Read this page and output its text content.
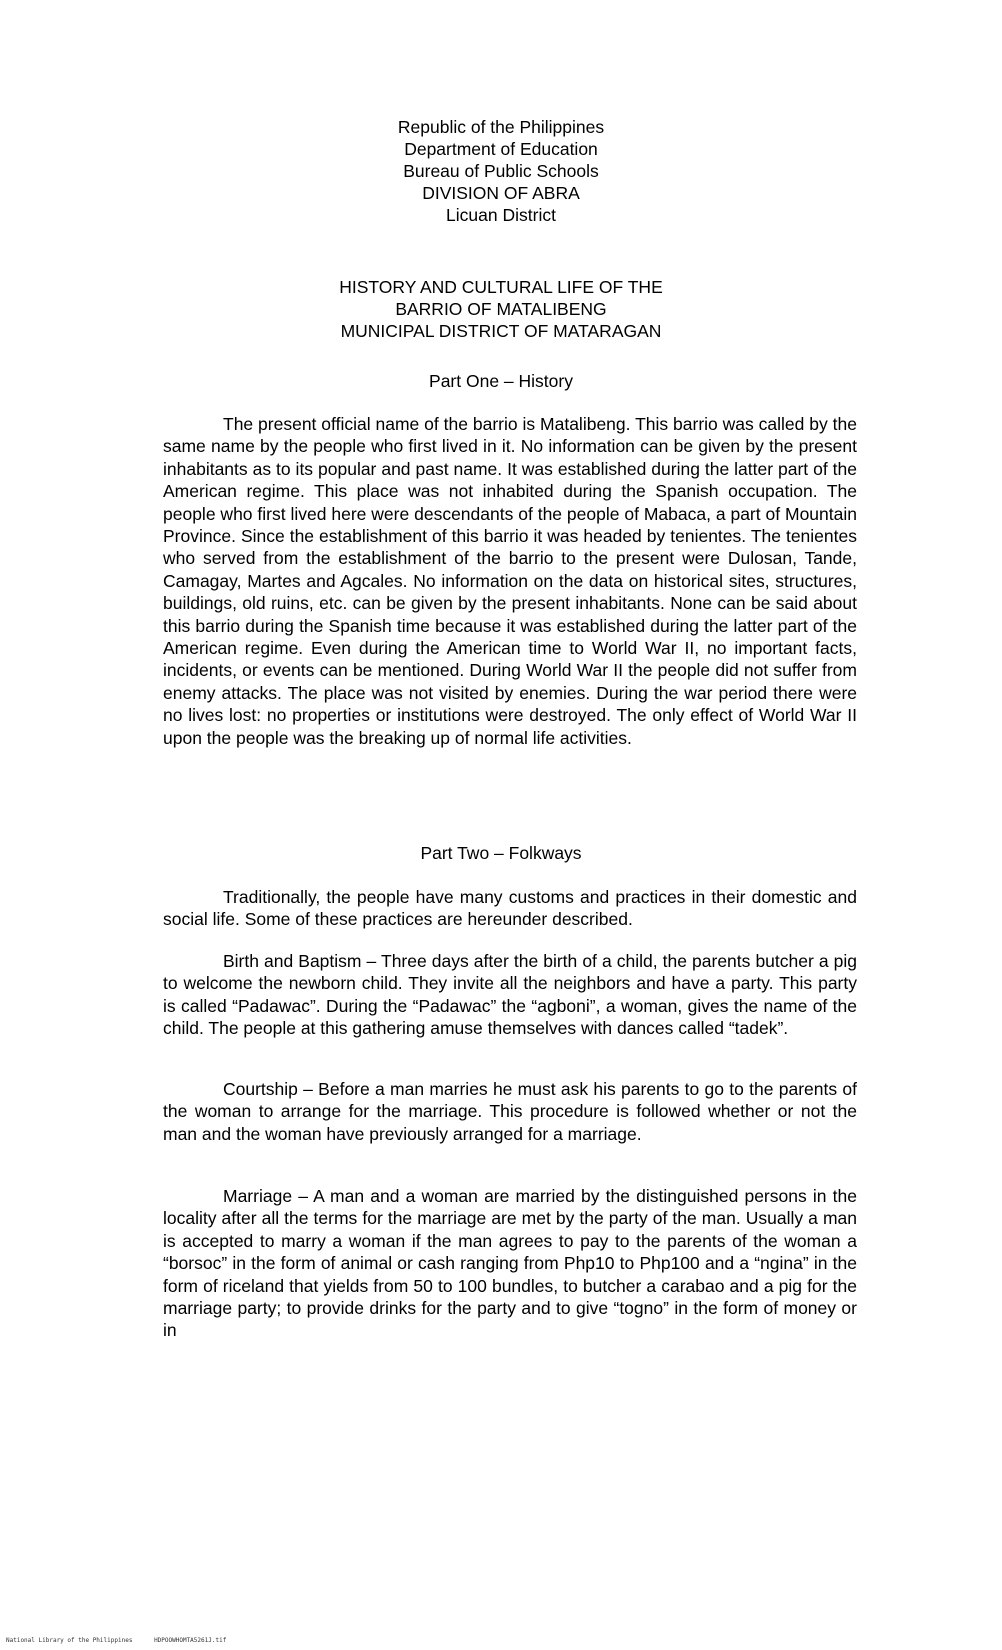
Republic of the Philippines
Department of Education
Bureau of Public Schools
DIVISION OF ABRA
Licuan District
HISTORY AND CULTURAL LIFE OF THE
BARRIO OF MATALIBENG
MUNICIPAL DISTRICT OF MATARAGAN
Part One – History

The present official name of the barrio is Matalibeng. This barrio was called by the same name by the people who first lived in it. No information can be given by the present inhabitants as to its popular and past name. It was established during the latter part of the American regime. This place was not inhabited during the Spanish occupation. The people who first lived here were descendants of the people of Mabaca, a part of Mountain Province. Since the establishment of this barrio it was headed by tenientes. The tenientes who served from the establishment of the barrio to the present were Dulosan, Tande, Camagay, Martes and Agcales. No information on the data on historical sites, structures, buildings, old ruins, etc. can be given by the present inhabitants. None can be said about this barrio during the Spanish time because it was established during the latter part of the American regime. Even during the American time to World War II, no important facts, incidents, or events can be mentioned. During World War II the people did not suffer from enemy attacks. The place was not visited by enemies. During the war period there were no lives lost: no properties or institutions were destroyed. The only effect of World War II upon the people was the breaking up of normal life activities.

Part Two – Folkways

Traditionally, the people have many customs and practices in their domestic and social life. Some of these practices are hereunder described.

Birth and Baptism – Three days after the birth of a child, the parents butcher a pig to welcome the newborn child. They invite all the neighbors and have a party. This party is called “Padawac”. During the “Padawac” the “agboni”, a woman, gives the name of the child. The people at this gathering amuse themselves with dances called “tadek”.

Courtship – Before a man marries he must ask his parents to go to the parents of the woman to arrange for the marriage. This procedure is followed whether or not the man and the woman have previously arranged for a marriage.

Marriage – A man and a woman are married by the distinguished persons in the locality after all the terms for the marriage are met by the party of the man. Usually a man is accepted to marry a woman if the man agrees to pay to the parents of the woman a “borsoc” in the form of animal or cash ranging from Php10 to Php100 and a “ngina” in the form of riceland that yields from 50 to 100 bundles, to butcher a carabao and a pig for the marriage party; to provide drinks for the party and to give “togno” in the form of money or in

National Library of the Philippines	HDPOOWHOMTA5261J.tif
